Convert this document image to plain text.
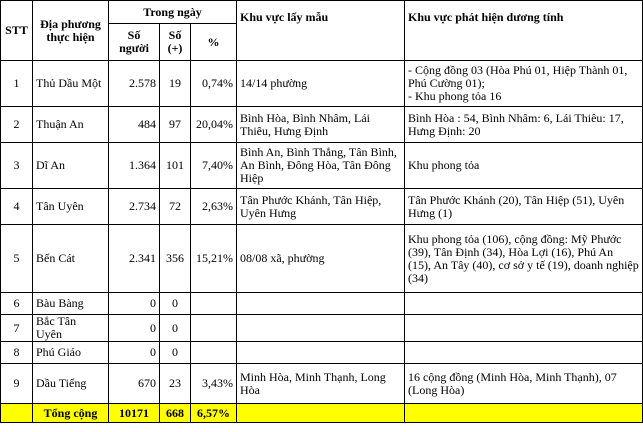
STT	Địa phương thực hiện	Trong ngày			Khu vực lấy mẫu	Khu vực phát hiện dương tính
		Số người	Số (+)	%		
1	Thủ Dầu Một	2.578	19	0,74%	14/14 phường	- Cộng đồng 03 (Hòa Phú 01, Hiệp Thành 01, Phú Cường 01);
- Khu phong tỏa 16
2	Thuận An	484	97	20,04%	Bình Hòa, Bình Nhâm, Lái Thiêu, Hưng Định	Bình Hòa : 54, Bình Nhâm: 6, Lái Thiêu: 17, Hưng Định: 20
3	Dĩ An	1.364	101	7,40%	Bình An, Bình Thắng, Tân Bình, An Bình, Đông Hòa, Tân Đông Hiệp	Khu phong tỏa
4	Tân Uyên	2.734	72	2,63%	Tân Phước Khánh, Tân Hiệp, Uyên Hưng	Tân Phước Khánh (20), Tân Hiệp (51), Uyên Hưng (1)
5	Bến Cát	2.341	356	15,21%	08/08 xã, phường	Khu phong tỏa (106), cộng đồng: Mỹ Phước (39), Tân Định (34), Hòa Lợi (16), Phú An (15), An Tây (40), cơ sở y tế (19), doanh nghiệp (34)
6	Bàu Bàng	0	0			
7	Bắc Tân Uyên	0	0			
8	Phú Giáo	0	0			
9	Dầu Tiếng	670	23	3,43%	Minh Hòa, Minh Thạnh, Long Hòa	16 cộng đồng (Minh Hòa, Minh Thạnh), 07 (Long Hòa)
	Tổng cộng	10171	668	6,57%		
